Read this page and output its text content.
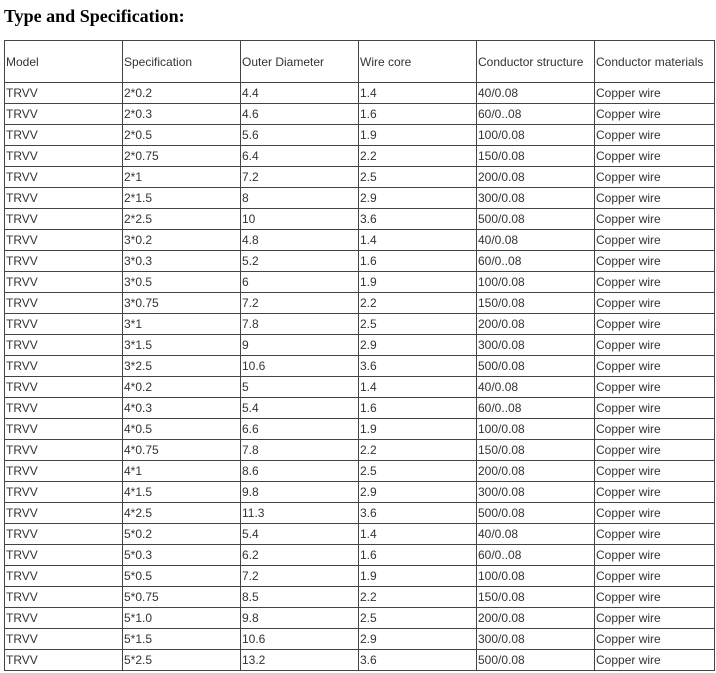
Type and Specification:
Model	Specification	Outer Diameter	Wire core	Conductor structure	Conductor materials
TRVV	2*0.2	4.4	1.4	40/0.08	Copper wire
TRVV	2*0.3	4.6	1.6	60/0..08	Copper wire
TRVV	2*0.5	5.6	1.9	100/0.08	Copper wire
TRVV	2*0.75	6.4	2.2	150/0.08	Copper wire
TRVV	2*1	7.2	2.5	200/0.08	Copper wire
TRVV	2*1.5	8	2.9	300/0.08	Copper wire
TRVV	2*2.5	10	3.6	500/0.08	Copper wire
TRVV	3*0.2	4.8	1.4	40/0.08	Copper wire
TRVV	3*0.3	5.2	1.6	60/0..08	Copper wire
TRVV	3*0.5	6	1.9	100/0.08	Copper wire
TRVV	3*0.75	7.2	2.2	150/0.08	Copper wire
TRVV	3*1	7.8	2.5	200/0.08	Copper wire
TRVV	3*1.5	9	2.9	300/0.08	Copper wire
TRVV	3*2.5	10.6	3.6	500/0.08	Copper wire
TRVV	4*0.2	5	1.4	40/0.08	Copper wire
TRVV	4*0.3	5.4	1.6	60/0..08	Copper wire
TRVV	4*0.5	6.6	1.9	100/0.08	Copper wire
TRVV	4*0.75	7.8	2.2	150/0.08	Copper wire
TRVV	4*1	8.6	2.5	200/0.08	Copper wire
TRVV	4*1.5	9.8	2.9	300/0.08	Copper wire
TRVV	4*2.5	11.3	3.6	500/0.08	Copper wire
TRVV	5*0.2	5.4	1.4	40/0.08	Copper wire
TRVV	5*0.3	6.2	1.6	60/0..08	Copper wire
TRVV	5*0.5	7.2	1.9	100/0.08	Copper wire
TRVV	5*0.75	8.5	2.2	150/0.08	Copper wire
TRVV	5*1.0	9.8	2.5	200/0.08	Copper wire
TRVV	5*1.5	10.6	2.9	300/0.08	Copper wire
TRVV	5*2.5	13.2	3.6	500/0.08	Copper wire
